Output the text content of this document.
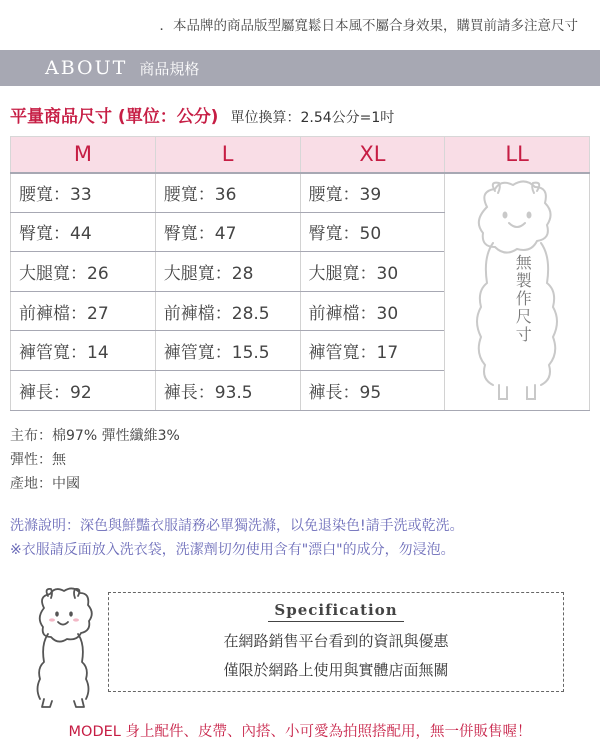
．本品牌的商品版型屬寬鬆日本風不屬合身效果，購買前請多注意尺寸
ABOUT 商品規格
平量商品尺寸 (單位：公分) 單位換算：2.54公分=1吋
M	L	XL	LL
腰寬：33	腰寬：36	腰寬：39	無製作尺寸

臀寬：44	臀寬：47	臀寬：50	
大腿寬：26	大腿寬：28	大腿寬：30	
前褲檔：27	前褲檔：28.5	前褲檔：30	
褲管寬：14	褲管寬：15.5	褲管寬：17	
褲長：92	褲長：93.5	褲長：95	
主布：棉97% 彈性纖維3%
彈性：無
產地：中國
洗滌說明：深色與鮮豔衣服請務必單獨洗滌，以免退染色!請手洗或乾洗。
※衣服請反面放入洗衣袋，洗潔劑切勿使用含有"漂白"的成分，勿浸泡。
Specification
在網路銷售平台看到的資訊與優惠
僅限於網路上使用與實體店面無關
MODEL 身上配件、皮帶、內搭、小可愛為拍照搭配用，無一併販售喔！
